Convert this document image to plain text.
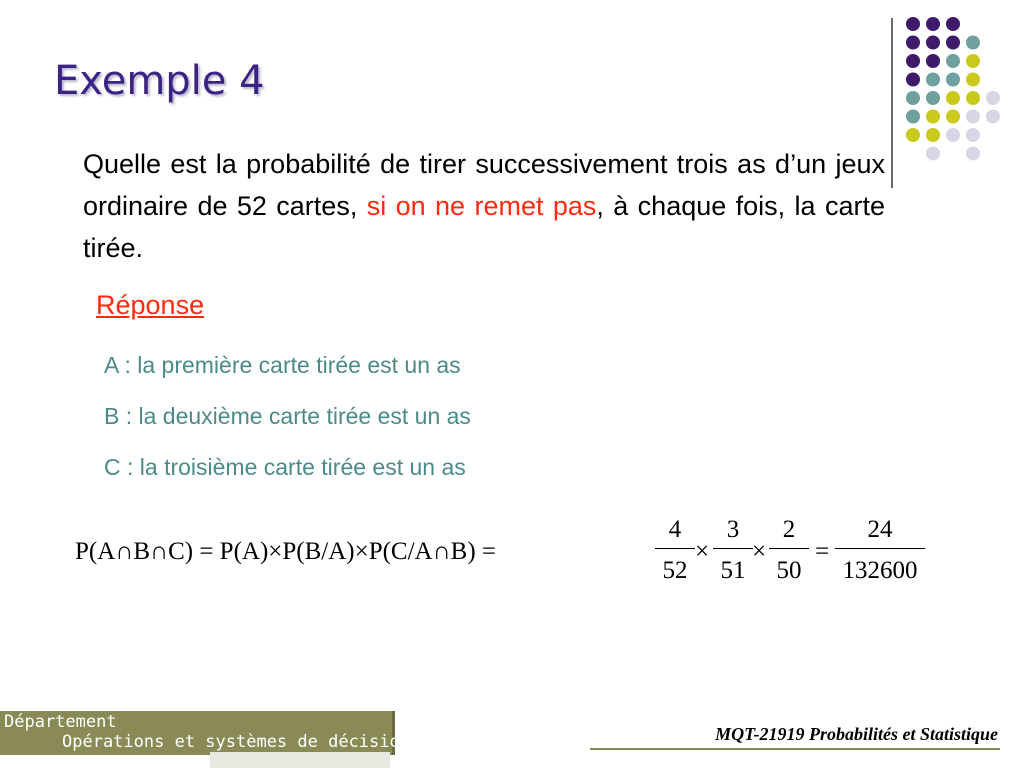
Exemple 4
Quelle est la probabilité de tirer successivement trois as d’un jeux ordinaire de 52 cartes, si on ne remet pas, à chaque fois, la carte tirée.
Réponse
A : la première carte tirée est un as
B : la deuxième carte tirée est un as
C : la troisième carte tirée est un as
P(A∩B∩C) = P(A)×P(B/A)×P(C/A∩B) =
4
52
×
3
51
×
2
50
=
24
132600
Département
Opérations et systèmes de décisions	MQT-21919 Probabilités et Statistique
